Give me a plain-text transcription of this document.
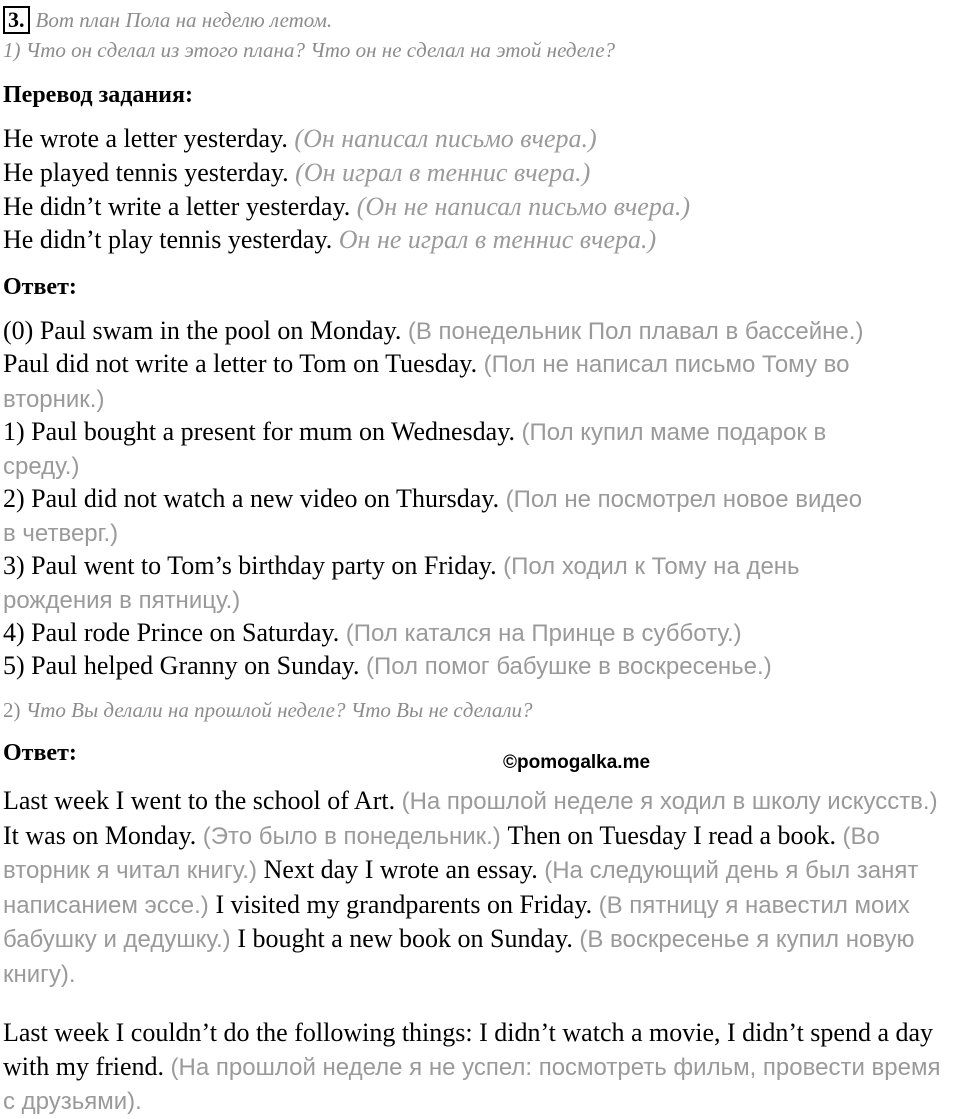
3. Вот план Пола на неделю летом.
1) Что он сделал из этого плана? Что он не сделал на этой неделе?
Перевод задания:
He wrote a letter yesterday. (Он написал письмо вчера.)
He played tennis yesterday. (Он играл в теннис вчера.)
He didn’t write a letter yesterday. (Он не написал письмо вчера.)
He didn’t play tennis yesterday. Он не играл в теннис вчера.)
Ответ:
(0) Paul swam in the pool on Monday. (В понедельник Пол плавал в бассейне.)
Paul did not write a letter to Tom on Tuesday. (Пол не написал письмо Тому во
вторник.)
1) Paul bought a present for mum on Wednesday. (Пол купил маме подарок в
среду.)
2) Paul did not watch a new video on Thursday. (Пол не посмотрел новое видео
в четверг.)
3) Paul went to Tom’s birthday party on Friday. (Пол ходил к Тому на день
рождения в пятницу.)
4) Paul rode Prince on Saturday. (Пол катался на Принце в субботу.)
5) Paul helped Granny on Sunday. (Пол помог бабушке в воскресенье.)
2) Что Вы делали на прошлой неделе? Что Вы не сделали?
Ответ:	©pomogalka.me
Last week I went to the school of Art. (На прошлой неделе я ходил в школу искусств.) It was on Monday. (Это было в понедельник.) Then on Tuesday I read a book. (Во вторник я читал книгу.) Next day I wrote an essay. (На следующий день я был занят написанием эссе.) I visited my grandparents on Friday. (В пятницу я навестил моих бабушку и дедушку.) I bought a new book on Sunday. (В воскресенье я купил новую книгу).
Last week I couldn’t do the following things: I didn’t watch a movie, I didn’t spend a day with my friend. (На прошлой неделе я не успел: посмотреть фильм, провести время с друзьями).
